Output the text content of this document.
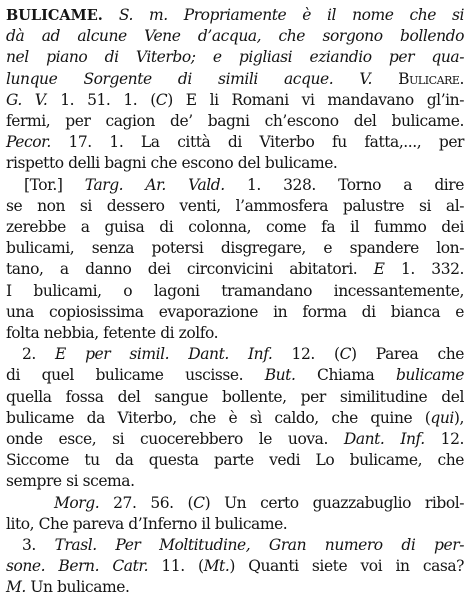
BULICAME. S. m. Propriamente è il nome che si
dà ad alcune Vene d’acqua, che sorgono bollendo
nel piano di Viterbo; e pigliasi eziandio per qua-
lunque Sorgente di simili acque. V. Bulicare.
G. V. 1. 51. 1. (C) E li Romani vi mandavano gl’in-
fermi, per cagion de’ bagni ch’escono del bulicame.
Pecor. 17. 1. La città di Viterbo fu fatta,..., per
rispetto delli bagni che escono del bulicame.
[Tor.] Targ. Ar. Vald. 1. 328. Torno a dire
se non si dessero venti, l’ammosfera palustre si al-
zerebbe a guisa di colonna, come fa il fummo dei
bulicami, senza potersi disgregare, e spandere lon-
tano, a danno dei circonvicini abitatori. E 1. 332.
I bulicami, o lagoni tramandano incessantemente,
una copiosissima evaporazione in forma di bianca e
folta nebbia, fetente di zolfo.
2. E per simil. Dant. Inf. 12. (C) Parea che
di quel bulicame uscisse. But. Chiama bulicame
quella fossa del sangue bollente, per similitudine del
bulicame da Viterbo, che è sì caldo, che quine (qui),
onde esce, si cuocerebbero le uova. Dant. Inf. 12.
Siccome tu da questa parte vedi Lo bulicame, che
sempre si scema.
Morg. 27. 56. (C) Un certo guazzabuglio ribol-
lito, Che pareva d’Inferno il bulicame.
3. Trasl. Per Moltitudine, Gran numero di per-
sone. Bern. Catr. 11. (Mt.) Quanti siete voi in casa?
M. Un bulicame.
